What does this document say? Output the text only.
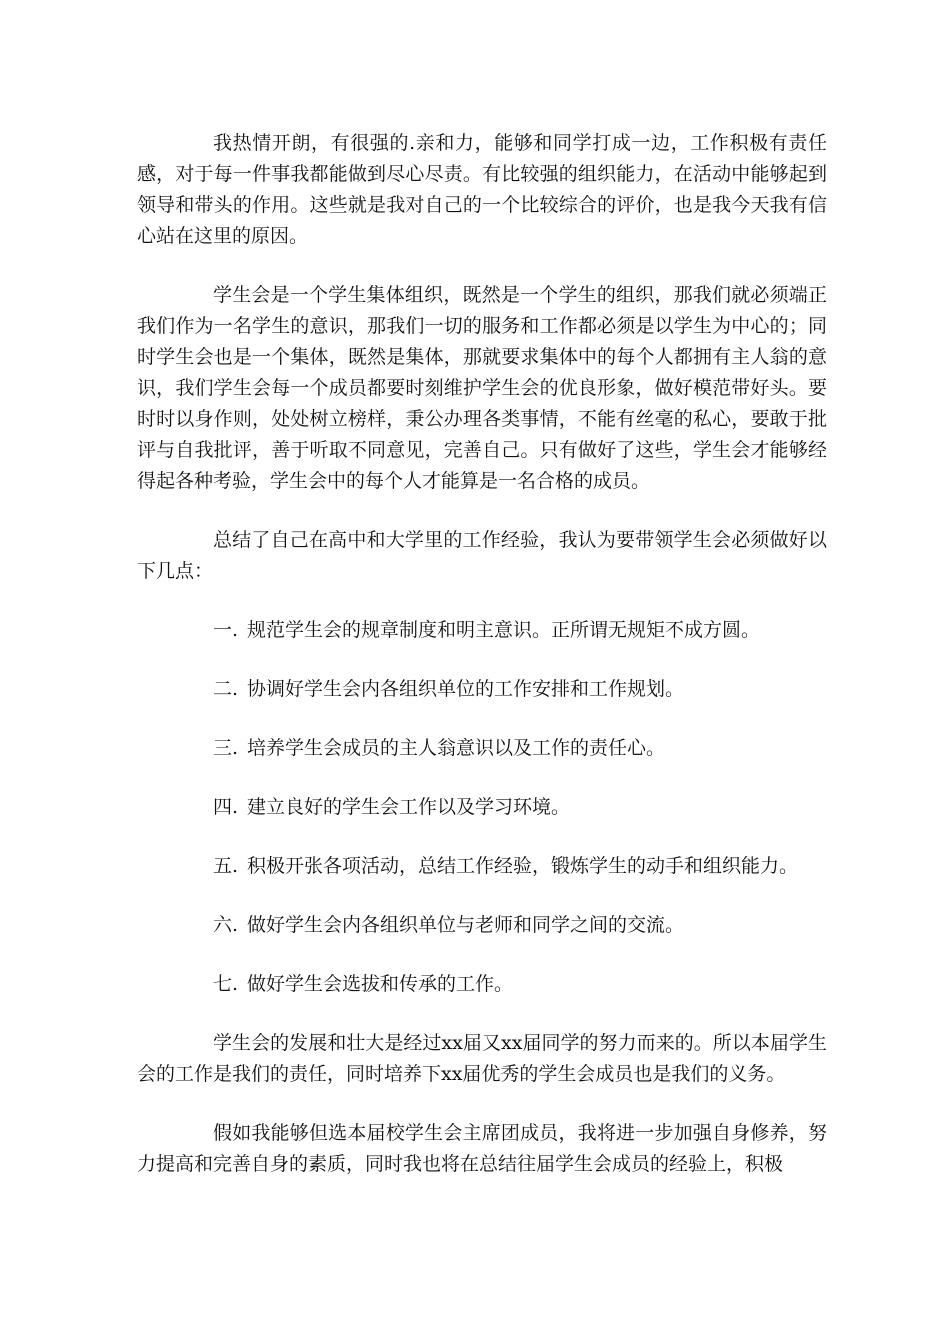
我热情开朗，有很强的.亲和力，能够和同学打成一边，工作积极有责任感，对于每一件事我都能做到尽心尽责。有比较强的组织能力，在活动中能够起到领导和带头的作用。这些就是我对自己的一个比较综合的评价，也是我今天我有信心站在这里的原因。

学生会是一个学生集体组织，既然是一个学生的组织，那我们就必须端正我们作为一名学生的意识，那我们一切的服务和工作都必须是以学生为中心的；同时学生会也是一个集体，既然是集体，那就要求集体中的每个人都拥有主人翁的意识，我们学生会每一个成员都要时刻维护学生会的优良形象，做好模范带好头。要时时以身作则，处处树立榜样，秉公办理各类事情，不能有丝毫的私心，要敢于批评与自我批评，善于听取不同意见，完善自己。只有做好了这些，学生会才能够经得起各种考验，学生会中的每个人才能算是一名合格的成员。

总结了自己在高中和大学里的工作经验，我认为要带领学生会必须做好以下几点：

一. 规范学生会的规章制度和明主意识。正所谓无规矩不成方圆。
二. 协调好学生会内各组织单位的工作安排和工作规划。
三. 培养学生会成员的主人翁意识以及工作的责任心。
四. 建立良好的学生会工作以及学习环境。
五. 积极开张各项活动，总结工作经验，锻炼学生的动手和组织能力。
六. 做好学生会内各组织单位与老师和同学之间的交流。
七. 做好学生会选拔和传承的工作。

学生会的发展和壮大是经过xx届又xx届同学的努力而来的。所以本届学生会的工作是我们的责任，同时培养下xx届优秀的学生会成员也是我们的义务。

假如我能够但选本届校学生会主席团成员，我将进一步加强自身修养，努力提高和完善自身的素质，同时我也将在总结往届学生会成员的经验上，积极
